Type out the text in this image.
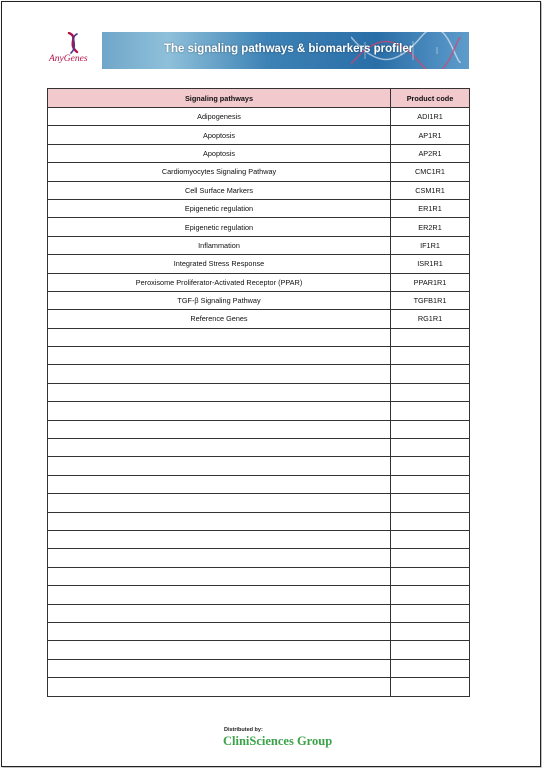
AnyGenes
The signaling pathways & biomarkers profiler
Signaling pathways	Product code
Adipogenesis	ADI1R1
Apoptosis	AP1R1
Apoptosis	AP2R1
Cardiomyocytes Signaling Pathway	CMC1R1
Cell Surface Markers	CSM1R1
Epigenetic regulation	ER1R1
Epigenetic regulation	ER2R1
Inflammation	IF1R1
Integrated Stress Response	ISR1R1
Peroxisome Proliferator-Activated Receptor (PPAR)	PPAR1R1
TGF-β Signaling Pathway	TGFB1R1
Reference Genes	RG1R1

Distributed by:
CliniSciences Group
